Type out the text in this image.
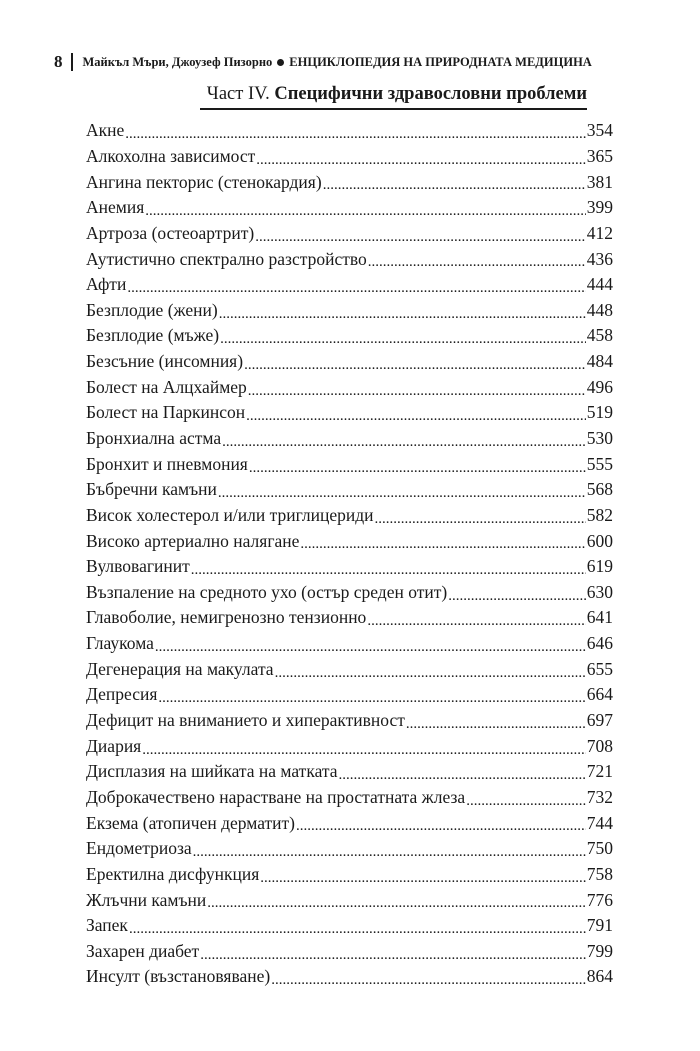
8 Майкъл Мъри, Джоузеф Пизорно ЕНЦИКЛОПЕДИЯ НА ПРИРОДНАТА МЕДИЦИНА
Част IV. Специфични здравословни проблеми
Акне .....	354
Алкохолна зависимост .....	365
Ангина пекторис (стенокардия) .....	381
Анемия .....	399
Артроза (остеоартрит) .....	412
Аутистично спектрално разстройство .....	436
Афти .....	444
Безплодие (жени) .....	448
Безплодие (мъже) .....	458
Безсъние (инсомния) .....	484
Болест на Алцхаймер .....	496
Болест на Паркинсон .....	519
Бронхиална астма .....	530
Бронхит и пневмония .....	555
Бъбречни камъни .....	568
Висок холестерол и/или триглицериди .....	582
Високо артериално налягане .....	600
Вулвовагинит .....	619
Възпаление на средното ухо (остър среден отит) .....	630
Главоболие, немигренозно тензионно .....	641
Глаукома .....	646
Дегенерация на макулата .....	655
Депресия .....	664
Дефицит на вниманието и хиперактивност .....	697
Диария .....	708
Дисплазия на шийката на матката .....	721
Доброкачествено нарастване на простатната жлеза .....	732
Екзема (атопичен дерматит) .....	744
Ендометриоза .....	750
Еректилна дисфункция .....	758
Жлъчни камъни .....	776
Запек .....	791
Захарен диабет .....	799
Инсулт (възстановяване) .....	864
